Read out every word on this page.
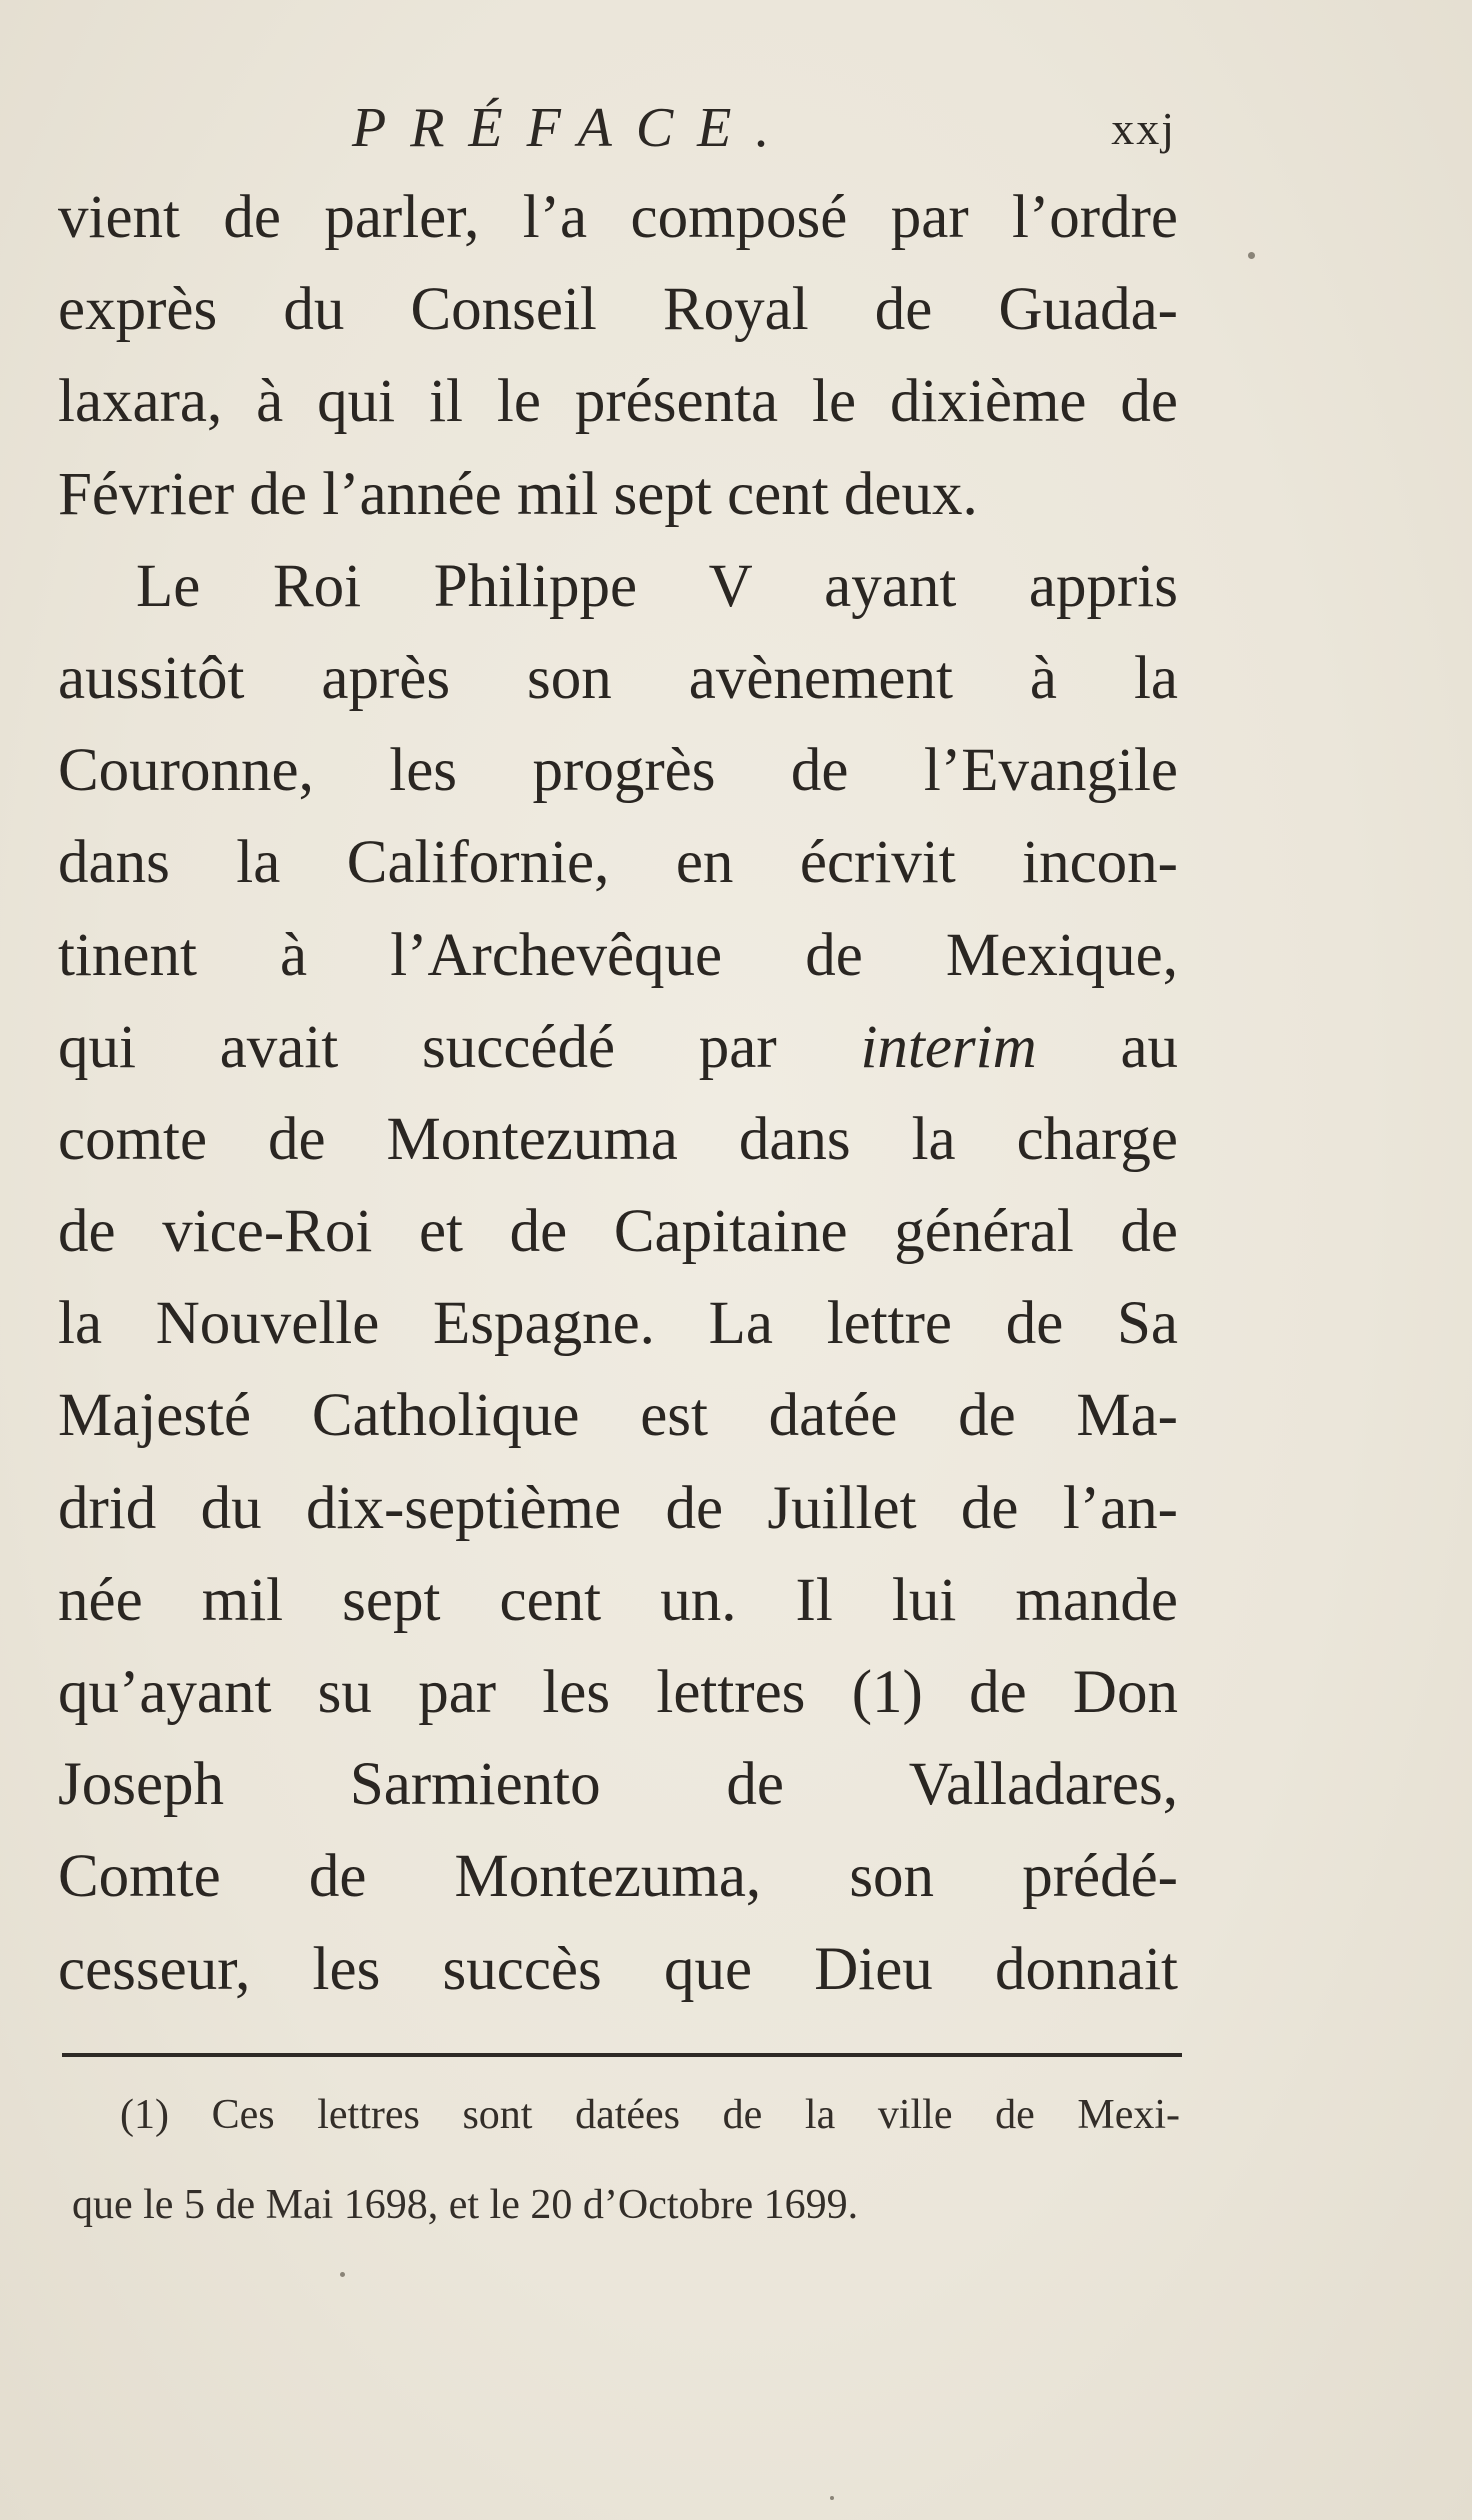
PRÉFACE.	xxj
vient de parler, l’a composé par l’ordre
exprès du Conseil Royal de Guada-
laxara, à qui il le présenta le dixième de
Février de l’année mil sept cent deux.
Le Roi Philippe V ayant appris
aussitôt après son avènement à la
Couronne, les progrès de l’Evangile
dans la Californie, en écrivit incon-
tinent à l’Archevêque de Mexique,
qui avait succédé par interim au
comte de Montezuma dans la charge
de vice-Roi et de Capitaine général de
la Nouvelle Espagne. La lettre de Sa
Majesté Catholique est datée de Ma-
drid du dix-septième de Juillet de l’an-
née mil sept cent un. Il lui mande
qu’ayant su par les lettres (1) de Don
Joseph Sarmiento de Valladares,
Comte de Montezuma, son prédé-
cesseur, les succès que Dieu donnait
(1) Ces lettres sont datées de la ville de Mexi-
que le 5 de Mai 1698, et le 20 d’Octobre 1699.
